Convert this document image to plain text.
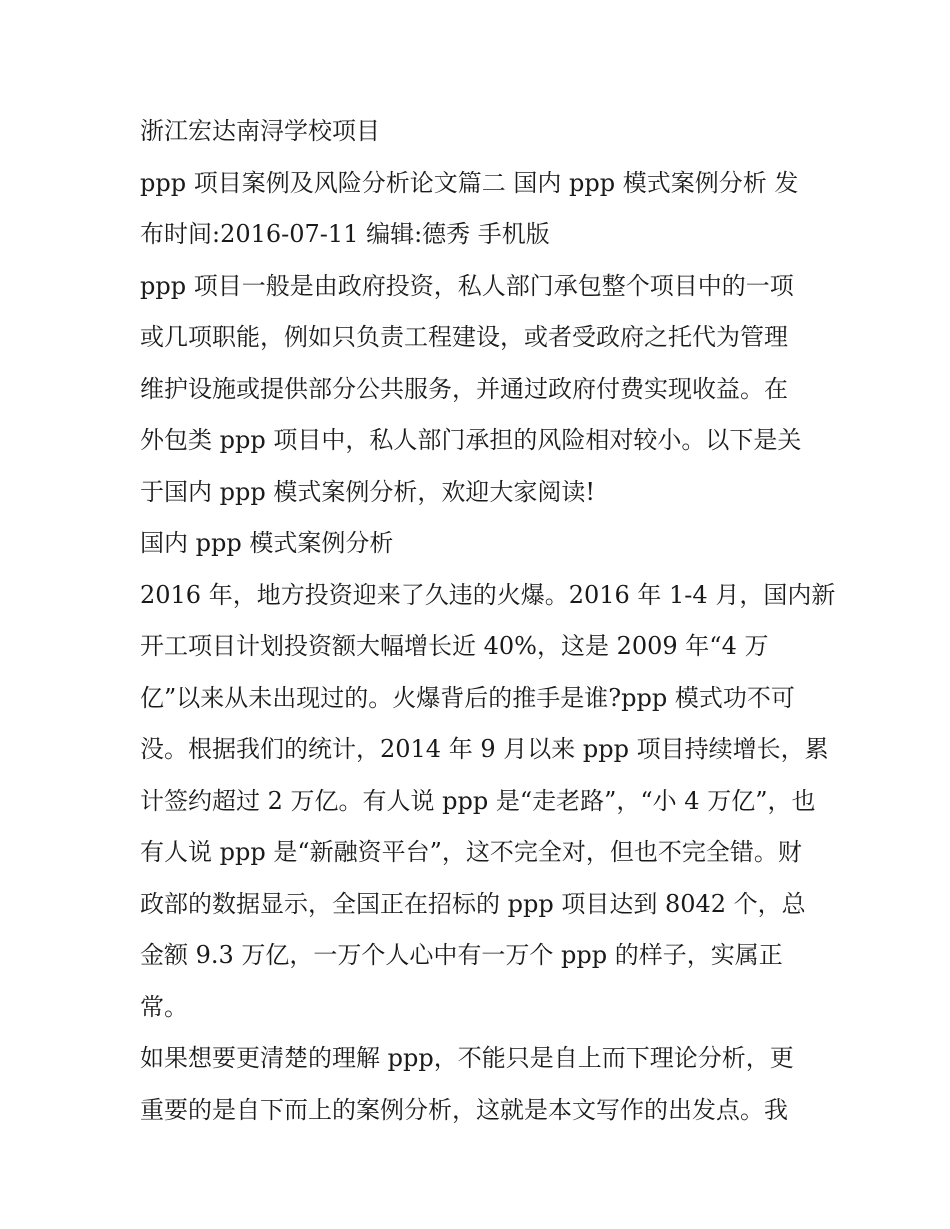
浙江宏达南浔学校项目
ppp 项目案例及风险分析论文篇二 国内 ppp 模式案例分析 发
布时间:2016-07-11 编辑:德秀 手机版
ppp 项目一般是由政府投资，私人部门承包整个项目中的一项
或几项职能，例如只负责工程建设，或者受政府之托代为管理
维护设施或提供部分公共服务，并通过政府付费实现收益。在
外包类 ppp 项目中，私人部门承担的风险相对较小。以下是关
于国内 ppp 模式案例分析，欢迎大家阅读!
国内 ppp 模式案例分析
2016 年，地方投资迎来了久违的火爆。2016 年 1-4 月，国内新
开工项目计划投资额大幅增长近 40%，这是 2009 年“4 万
亿”以来从未出现过的。火爆背后的推手是谁?ppp 模式功不可
没。根据我们的统计，2014 年 9 月以来 ppp 项目持续增长，累
计签约超过 2 万亿。有人说 ppp 是“走老路”，“小 4 万亿”，也
有人说 ppp 是“新融资平台”，这不完全对，但也不完全错。财
政部的数据显示，全国正在招标的 ppp 项目达到 8042 个，总
金额 9.3 万亿，一万个人心中有一万个 ppp 的样子，实属正
常。
如果想要更清楚的理解 ppp，不能只是自上而下理论分析，更
重要的是自下而上的案例分析，这就是本文写作的出发点。我
